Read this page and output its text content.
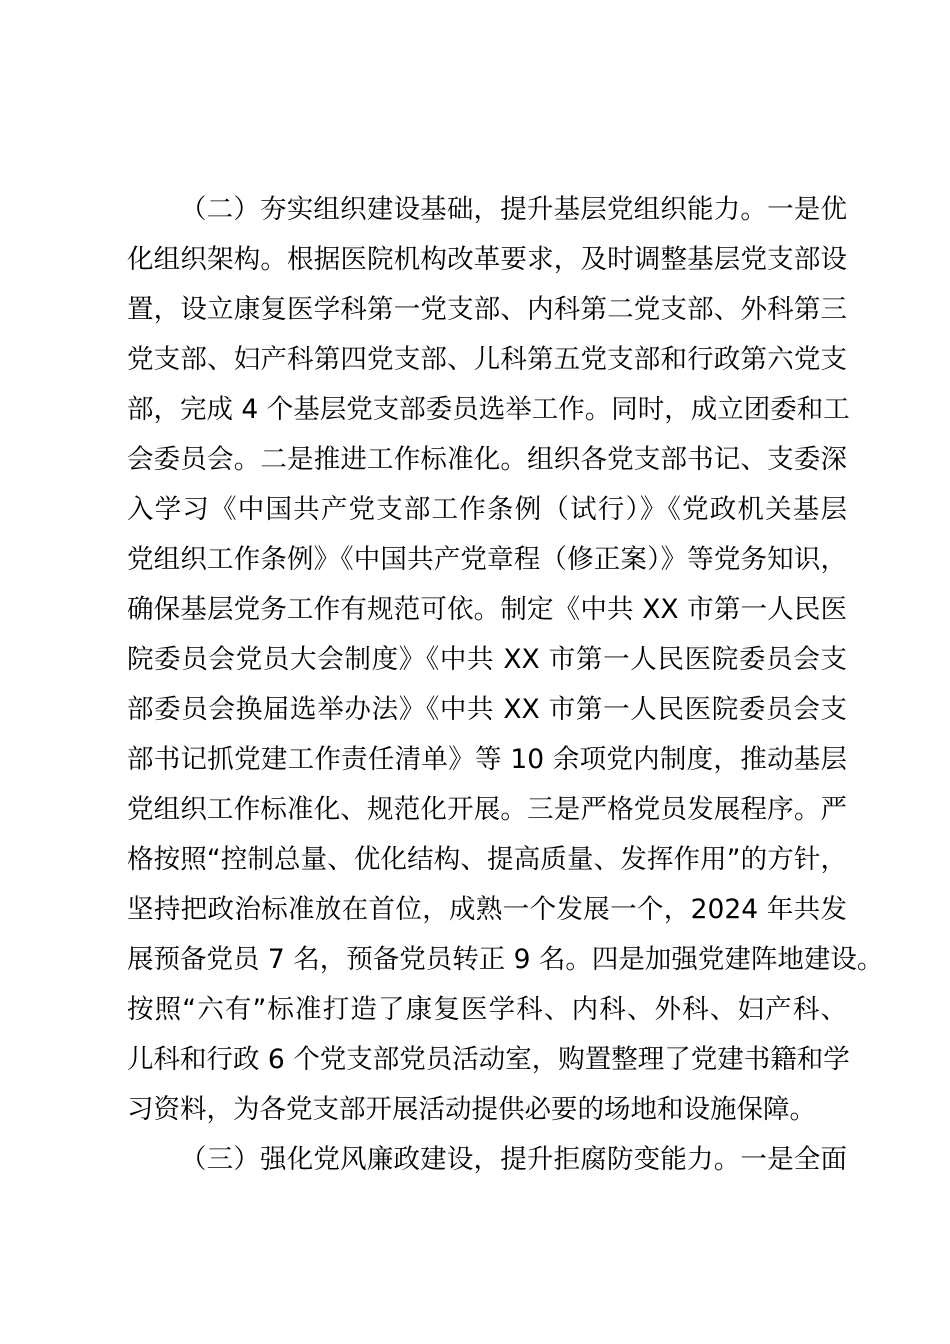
（二）夯实组织建设基础，提升基层党组织能力。一是优
化组织架构。根据医院机构改革要求，及时调整基层党支部设
置，设立康复医学科第一党支部、内科第二党支部、外科第三
党支部、妇产科第四党支部、儿科第五党支部和行政第六党支
部，完成 4 个基层党支部委员选举工作。同时，成立团委和工
会委员会。二是推进工作标准化。组织各党支部书记、支委深
入学习《中国共产党支部工作条例（试行）》《党政机关基层
党组织工作条例》《中国共产党章程（修正案）》等党务知识，
确保基层党务工作有规范可依。制定《中共 XX 市第一人民医
院委员会党员大会制度》《中共 XX 市第一人民医院委员会支
部委员会换届选举办法》《中共 XX 市第一人民医院委员会支
部书记抓党建工作责任清单》等 10 余项党内制度，推动基层
党组织工作标准化、规范化开展。三是严格党员发展程序。严
格按照“控制总量、优化结构、提高质量、发挥作用”的方针，
坚持把政治标准放在首位，成熟一个发展一个，2024 年共发
展预备党员 7 名，预备党员转正 9 名。四是加强党建阵地建设。
按照“六有”标准打造了康复医学科、内科、外科、妇产科、
儿科和行政 6 个党支部党员活动室，购置整理了党建书籍和学
习资料，为各党支部开展活动提供必要的场地和设施保障。
（三）强化党风廉政建设，提升拒腐防变能力。一是全面
